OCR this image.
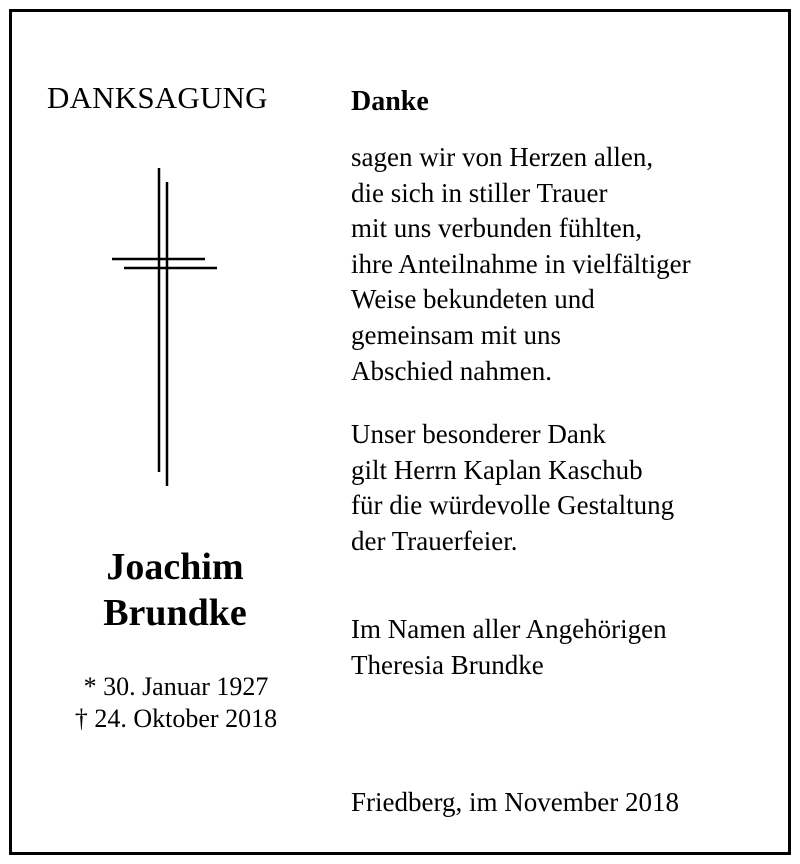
DANKSAGUNG	Danke
sagen wir von Herzen allen,
die sich in stiller Trauer
mit uns verbunden fühlten,
ihre Anteilnahme in vielfältiger
Weise bekundeten und
gemeinsam mit uns
Abschied nahmen.
Unser besonderer Dank
gilt Herrn Kaplan Kaschub
für die würdevolle Gestaltung
der Trauerfeier.
Im Namen aller Angehörigen
Theresia Brundke
Joachim
Brundke
* 30. Januar 1927
† 24. Oktober 2018
Friedberg, im November 2018
